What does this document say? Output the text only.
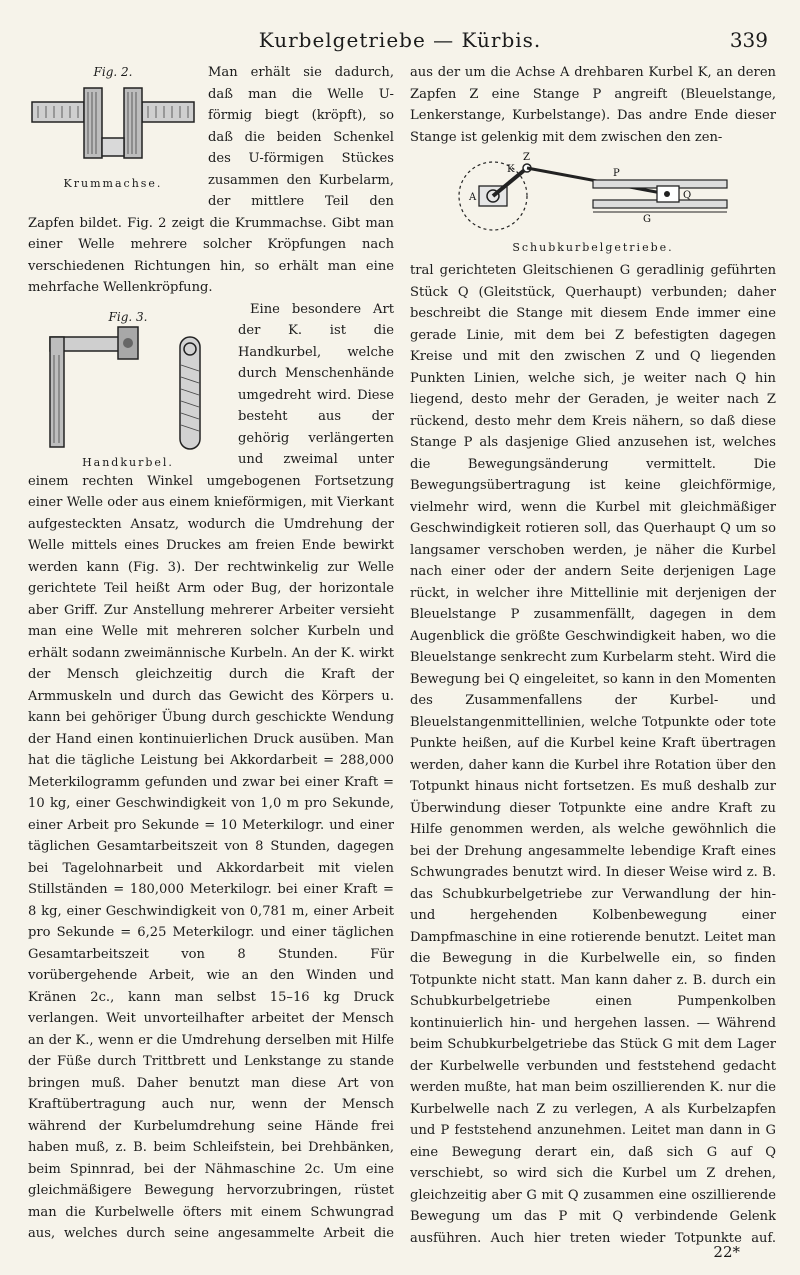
Kurbelgetriebe — Kürbis.	339
Fig. 2.
Krummachse.

Man erhält sie dadurch, daß man die Welle U-förmig biegt (kröpft), so daß die beiden Schenkel des U-förmigen Stückes zusammen den Kurbelarm, der mittlere Teil den Zapfen bildet. Fig. 2 zeigt die Krummachse. Gibt man einer Welle mehrere solcher Kröpfungen nach verschiedenen Richtungen hin, so erhält man eine mehrfache Wellenkröpfung.

Fig. 3.
Handkurbel.

Eine besondere Art der K. ist die Handkurbel, welche durch Menschenhände umgedreht wird. Diese besteht aus der gehörig verlängerten und zweimal unter einem rechten Winkel umgebogenen Fortsetzung einer Welle oder aus einem knieförmigen, mit Vierkant aufgesteckten Ansatz, wodurch die Umdrehung der Welle mittels eines Druckes am freien Ende bewirkt werden kann (Fig. 3). Der rechtwinkelig zur Welle gerichtete Teil heißt Arm oder Bug, der horizontale aber Griff. Zur Anstellung mehrerer Arbeiter versieht man eine Welle mit mehreren solcher Kurbeln und erhält sodann zweimännische Kurbeln. An der K. wirkt der Mensch gleichzeitig durch die Kraft der Armmuskeln und durch das Gewicht des Körpers u. kann bei gehöriger Übung durch geschickte Wendung der Hand einen kontinuierlichen Druck ausüben. Man hat die tägliche Leistung bei Akkordarbeit = 288,000 Meterkilogramm gefunden und zwar bei einer Kraft = 10 kg, einer Geschwindigkeit von 1,0 m pro Sekunde, einer Arbeit pro Sekunde = 10 Meterkilogr. und einer täglichen Gesamtarbeitszeit von 8 Stunden, dagegen bei Tagelohnarbeit und Akkordarbeit mit vielen Stillständen = 180,000 Meterkilogr. bei einer Kraft = 8 kg, einer Geschwindigkeit von 0,781 m, einer Arbeit pro Sekunde = 6,25 Meterkilogr. und einer täglichen Gesamtarbeitszeit von 8 Stunden. Für vorübergehende Arbeit, wie an den Winden und Kränen 2c., kann man selbst 15–16 kg Druck verlangen. Weit unvorteilhafter arbeitet der Mensch an der K., wenn er die Umdrehung derselben mit Hilfe der Füße durch Trittbrett und Lenkstange zu stande bringen muß. Daher benutzt man diese Art von Kraftübertragung auch nur, wenn der Mensch während der Kurbelumdrehung seine Hände frei haben muß, z. B. beim Schleifstein, bei Drehbänken, beim Spinnrad, bei der Nähmaschine 2c. Um eine gleichmäßigere Bewegung hervorzubringen, rüstet man die Kurbelwelle öfters mit einem Schwungrad aus, welches durch seine angesammelte Arbeit die

aus der um die Achse A drehbaren Kurbel K, an deren Zapfen Z eine Stange P angreift (Bleuelstange, Lenkerstange, Kurbelstange). Das andre Ende dieser Stange ist gelenkig mit dem zwischen den zen-

A
K
Z
P
Q
G
Schubkurbelgetriebe.

tral gerichteten Gleitschienen G geradlinig geführten Stück Q (Gleitstück, Querhaupt) verbunden; daher beschreibt die Stange mit diesem Ende immer eine gerade Linie, mit dem bei Z befestigten dagegen Kreise und mit den zwischen Z und Q liegenden Punkten Linien, welche sich, je weiter nach Q hin liegend, desto mehr der Geraden, je weiter nach Z rückend, desto mehr dem Kreis nähern, so daß diese Stange P als dasjenige Glied anzusehen ist, welches die Bewegungsänderung vermittelt. Die Bewegungsübertragung ist keine gleichförmige, vielmehr wird, wenn die Kurbel mit gleichmäßiger Geschwindigkeit rotieren soll, das Querhaupt Q um so langsamer verschoben werden, je näher die Kurbel nach einer oder der andern Seite derjenigen Lage rückt, in welcher ihre Mittellinie mit derjenigen der Bleuelstange P zusammenfällt, dagegen in dem Augenblick die größte Geschwindigkeit haben, wo die Bleuelstange senkrecht zum Kurbelarm steht. Wird die Bewegung bei Q eingeleitet, so kann in den Momenten des Zusammenfallens der Kurbel- und Bleuelstangenmittellinien, welche Totpunkte oder tote Punkte heißen, auf die Kurbel keine Kraft übertragen werden, daher kann die Kurbel ihre Rotation über den Totpunkt hinaus nicht fortsetzen. Es muß deshalb zur Überwindung dieser Totpunkte eine andre Kraft zu Hilfe genommen werden, als welche gewöhnlich die bei der Drehung angesammelte lebendige Kraft eines Schwungrades benutzt wird. In dieser Weise wird z. B. das Schubkurbelgetriebe zur Verwandlung der hin- und hergehenden Kolbenbewegung einer Dampfmaschine in eine rotierende benutzt. Leitet man die Bewegung in die Kurbelwelle ein, so finden Totpunkte nicht statt. Man kann daher z. B. durch ein Schubkurbelgetriebe einen Pumpenkolben kontinuierlich hin- und hergehen lassen. — Während beim Schubkurbelgetriebe das Stück G mit dem Lager der Kurbelwelle verbunden und feststehend gedacht werden mußte, hat man beim oszillierenden K. nur die Kurbelwelle nach Z zu verlegen, A als Kurbelzapfen und P feststehend anzunehmen. Leitet man dann in G eine Bewegung derart ein, daß sich G auf Q verschiebt, so wird sich die Kurbel um Z drehen, gleichzeitig aber G mit Q zusammen eine oszillierende Bewegung um das P mit Q verbindende Gelenk ausführen. Auch hier treten wieder Totpunkte auf.

22*
